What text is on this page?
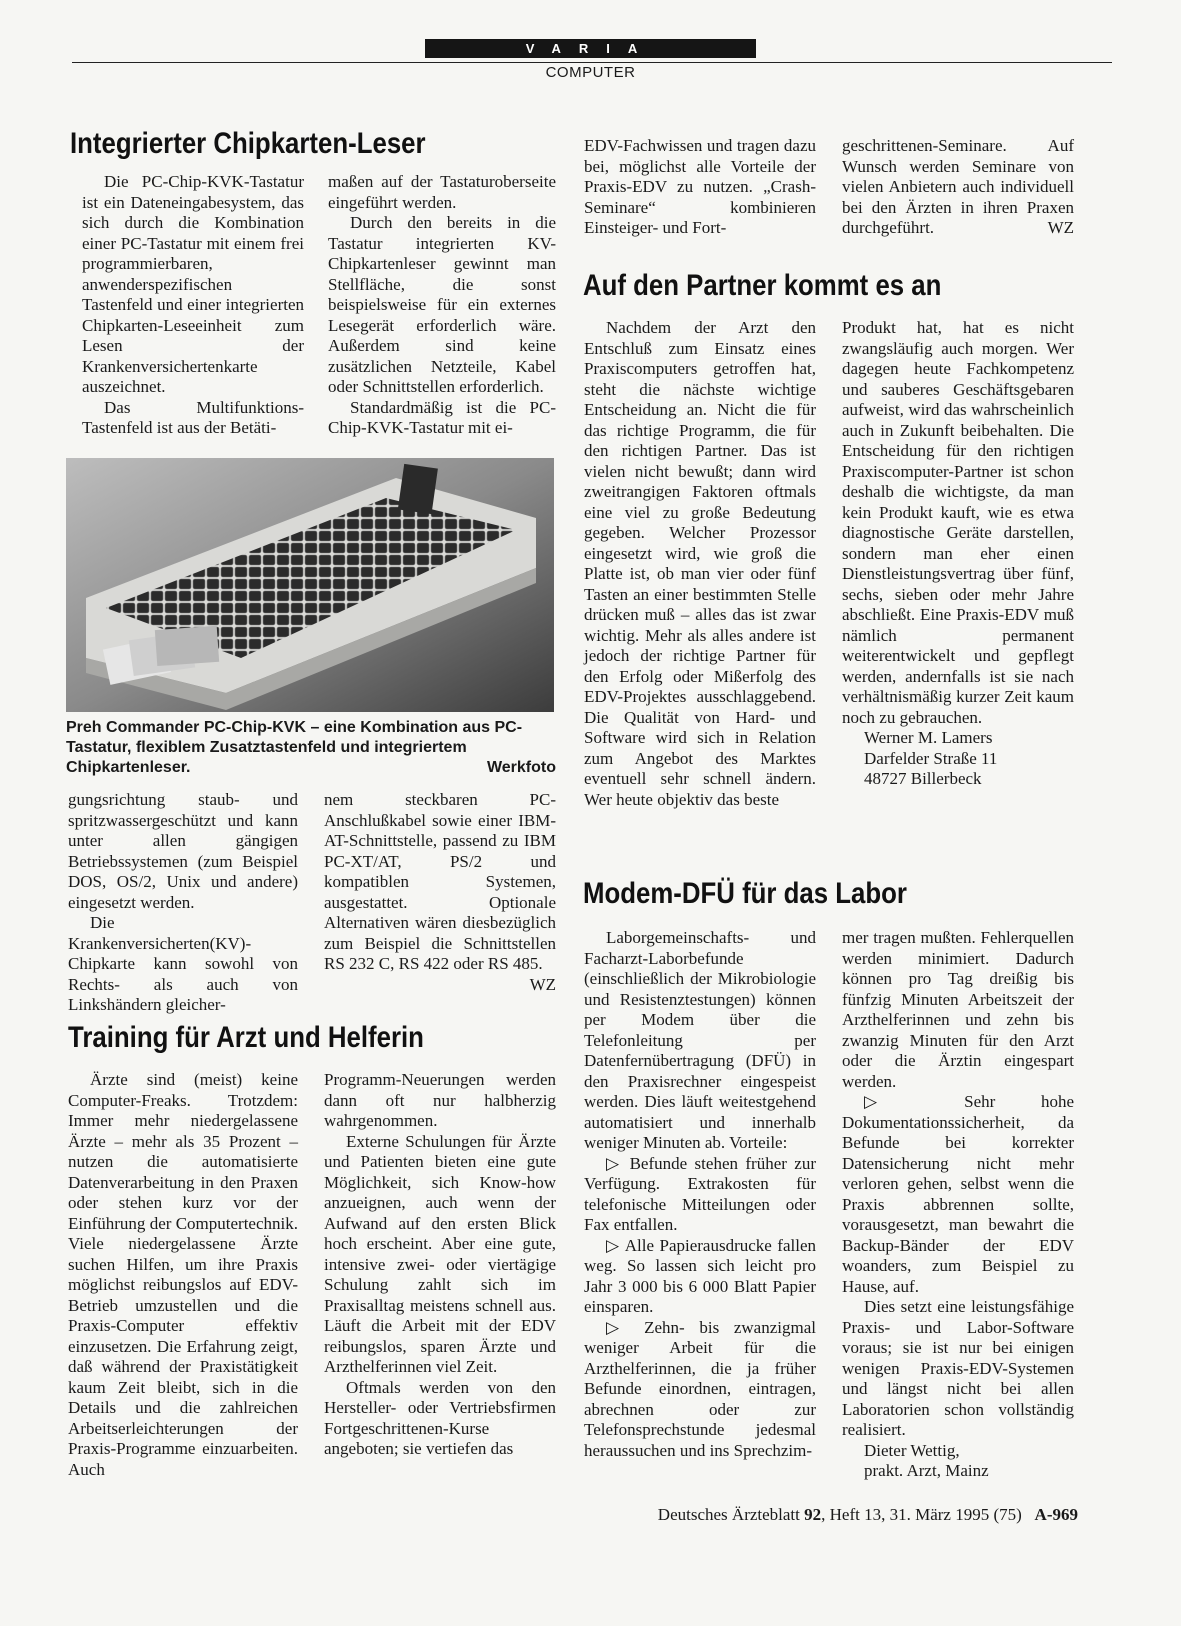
VARIA
COMPUTER
Integrierter Chipkarten-Leser

Die PC-Chip-KVK-Tastatur ist ein Dateneingabesystem, das sich durch die Kombination einer PC-Tastatur mit einem frei programmierbaren, anwenderspezifischen Tastenfeld und einer integrierten Chipkarten-Leseeinheit zum Lesen der Krankenversichertenkarte auszeichnet.

Das Multifunktions-Tastenfeld ist aus der Betäti-

maßen auf der Tastaturoberseite eingeführt werden.

Durch den bereits in die Tastatur integrierten KV-Chipkartenleser gewinnt man Stellfläche, die sonst beispielsweise für ein externes Lesegerät erforderlich wäre. Außerdem sind keine zusätzlichen Netzteile, Kabel oder Schnittstellen erforderlich.

Standardmäßig ist die PC-Chip-KVK-Tastatur mit ei-

Preh Commander PC-Chip-KVK – eine Kombination aus PC-Tastatur, flexiblem Zusatztastenfeld und integriertem Chipkartenleser.	Werkfoto

gungsrichtung staub- und spritzwassergeschützt und kann unter allen gängigen Betriebssystemen (zum Beispiel DOS, OS/2, Unix und andere) eingesetzt werden.

Die Krankenversicherten(KV)-Chipkarte kann sowohl von Rechts- als auch von Linkshändern gleicher-

nem steckbaren PC-Anschlußkabel sowie einer IBM-AT-Schnittstelle, passend zu IBM PC-XT/AT, PS/2 und kompatiblen Systemen, ausgestattet. Optionale Alternativen wären diesbezüglich zum Beispiel die Schnittstellen RS 232 C, RS 422 oder RS 485.

WZ

Training für Arzt und Helferin

Ärzte sind (meist) keine Computer-Freaks. Trotzdem: Immer mehr niedergelassene Ärzte – mehr als 35 Prozent – nutzen die automatisierte Datenverarbeitung in den Praxen oder stehen kurz vor der Einführung der Computertechnik. Viele niedergelassene Ärzte suchen Hilfen, um ihre Praxis möglichst reibungslos auf EDV-Betrieb umzustellen und die Praxis-Computer effektiv einzusetzen. Die Erfahrung zeigt, daß während der Praxistätigkeit kaum Zeit bleibt, sich in die Details und die zahlreichen Arbeitserleichterungen der Praxis-Programme einzuarbeiten. Auch

Programm-Neuerungen werden dann oft nur halbherzig wahrgenommen.

Externe Schulungen für Ärzte und Patienten bieten eine gute Möglichkeit, sich Know-how anzueignen, auch wenn der Aufwand auf den ersten Blick hoch erscheint. Aber eine gute, intensive zwei- oder viertägige Schulung zahlt sich im Praxisalltag meistens schnell aus. Läuft die Arbeit mit der EDV reibungslos, sparen Ärzte und Arzthelferinnen viel Zeit.

Oftmals werden von den Hersteller- oder Vertriebsfirmen Fortgeschrittenen-Kurse angeboten; sie vertiefen das

EDV-Fachwissen und tragen dazu bei, möglichst alle Vorteile der Praxis-EDV zu nutzen. „Crash-Seminare“ kombinieren Einsteiger- und Fort-

geschrittenen-Seminare. Auf Wunsch werden Seminare von vielen Anbietern auch individuell bei den Ärzten in ihren Praxen durchgeführt.	WZ

Auf den Partner kommt es an

Nachdem der Arzt den Entschluß zum Einsatz eines Praxiscomputers getroffen hat, steht die nächste wichtige Entscheidung an. Nicht die für das richtige Programm, die für den richtigen Partner. Das ist vielen nicht bewußt; dann wird zweitrangigen Faktoren oftmals eine viel zu große Bedeutung gegeben. Welcher Prozessor eingesetzt wird, wie groß die Platte ist, ob man vier oder fünf Tasten an einer bestimmten Stelle drücken muß – alles das ist zwar wichtig. Mehr als alles andere ist jedoch der richtige Partner für den Erfolg oder Mißerfolg des EDV-Projektes ausschlaggebend. Die Qualität von Hard- und Software wird sich in Relation zum Angebot des Marktes eventuell sehr schnell ändern. Wer heute objektiv das beste

Produkt hat, hat es nicht zwangsläufig auch morgen. Wer dagegen heute Fachkompetenz und sauberes Geschäftsgebaren aufweist, wird das wahrscheinlich auch in Zukunft beibehalten. Die Entscheidung für den richtigen Praxiscomputer-Partner ist schon deshalb die wichtigste, da man kein Produkt kauft, wie es etwa diagnostische Geräte darstellen, sondern man eher einen Dienstleistungsvertrag über fünf, sechs, sieben oder mehr Jahre abschließt. Eine Praxis-EDV muß nämlich permanent weiterentwickelt und gepflegt werden, andernfalls ist sie nach verhältnismäßig kurzer Zeit kaum noch zu gebrauchen.

Werner M. Lamers

Darfelder Straße 11

48727 Billerbeck

Modem-DFÜ für das Labor

Laborgemeinschafts- und Facharzt-Laborbefunde (einschließlich der Mikrobiologie und Resistenztestungen) können per Modem über die Telefonleitung per Datenfernübertragung (DFÜ) in den Praxisrechner eingespeist werden. Dies läuft weitestgehend automatisiert und innerhalb weniger Minuten ab. Vorteile:

▷ Befunde stehen früher zur Verfügung. Extrakosten für telefonische Mitteilungen oder Fax entfallen.

▷ Alle Papierausdrucke fallen weg. So lassen sich leicht pro Jahr 3 000 bis 6 000 Blatt Papier einsparen.

▷ Zehn- bis zwanzigmal weniger Arbeit für die Arzthelferinnen, die ja früher Befunde einordnen, eintragen, abrechnen oder zur Telefonsprechstunde jedesmal heraussuchen und ins Sprechzim-

mer tragen mußten. Fehlerquellen werden minimiert. Dadurch können pro Tag dreißig bis fünfzig Minuten Arbeitszeit der Arzthelferinnen und zehn bis zwanzig Minuten für den Arzt oder die Ärztin eingespart werden.

▷ Sehr hohe Dokumentationssicherheit, da Befunde bei korrekter Datensicherung nicht mehr verloren gehen, selbst wenn die Praxis abbrennen sollte, vorausgesetzt, man bewahrt die Backup-Bänder der EDV woanders, zum Beispiel zu Hause, auf.

Dies setzt eine leistungsfähige Praxis- und Labor-Software voraus; sie ist nur bei einigen wenigen Praxis-EDV-Systemen und längst nicht bei allen Laboratorien schon vollständig realisiert.

Dieter Wettig,

prakt. Arzt, Mainz

Deutsches Ärzteblatt 92, Heft 13, 31. März 1995 (75) A-969
